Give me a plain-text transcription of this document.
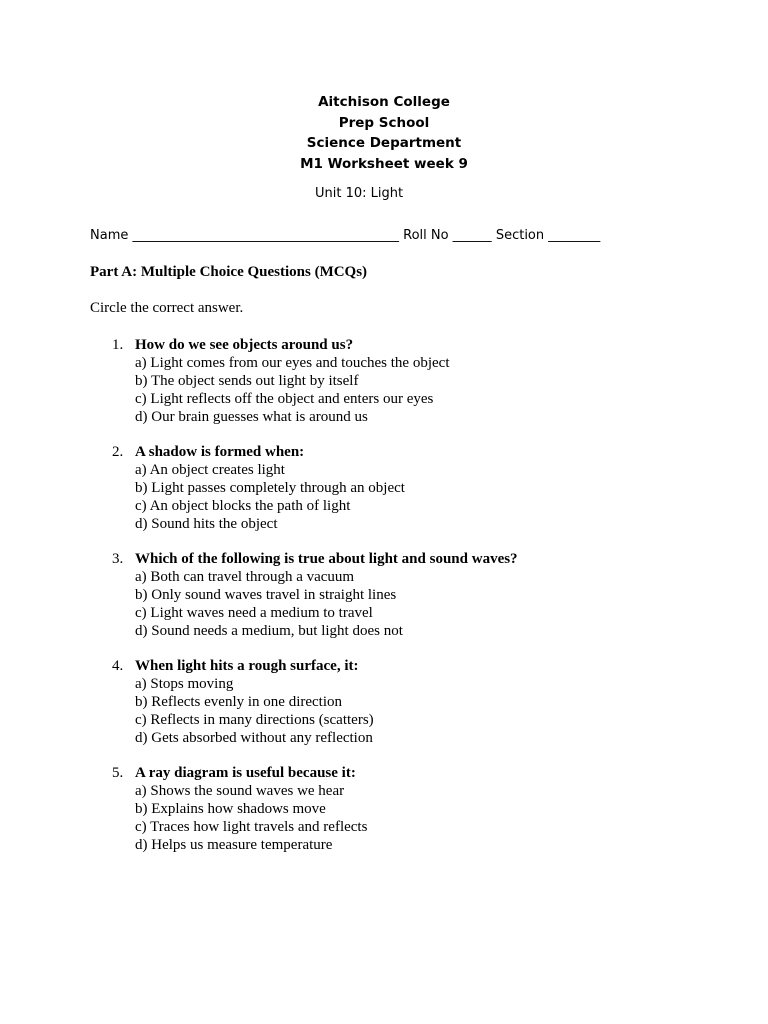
Aitchison College
Prep School
Science Department
M1 Worksheet week 9
Unit 10: Light
Name _________________________________________ Roll No ______ Section ________
Part A: Multiple Choice Questions (MCQs)
Circle the correct answer.
1. How do we see objects around us?

a) Light comes from our eyes and touches the object

b) The object sends out light by itself

c) Light reflects off the object and enters our eyes

d) Our brain guesses what is around us

2. A shadow is formed when:

a) An object creates light

b) Light passes completely through an object

c) An object blocks the path of light

d) Sound hits the object

3. Which of the following is true about light and sound waves?

a) Both can travel through a vacuum

b) Only sound waves travel in straight lines

c) Light waves need a medium to travel

d) Sound needs a medium, but light does not

4. When light hits a rough surface, it:

a) Stops moving

b) Reflects evenly in one direction

c) Reflects in many directions (scatters)

d) Gets absorbed without any reflection

5. A ray diagram is useful because it:

a) Shows the sound waves we hear

b) Explains how shadows move

c) Traces how light travels and reflects

d) Helps us measure temperature
